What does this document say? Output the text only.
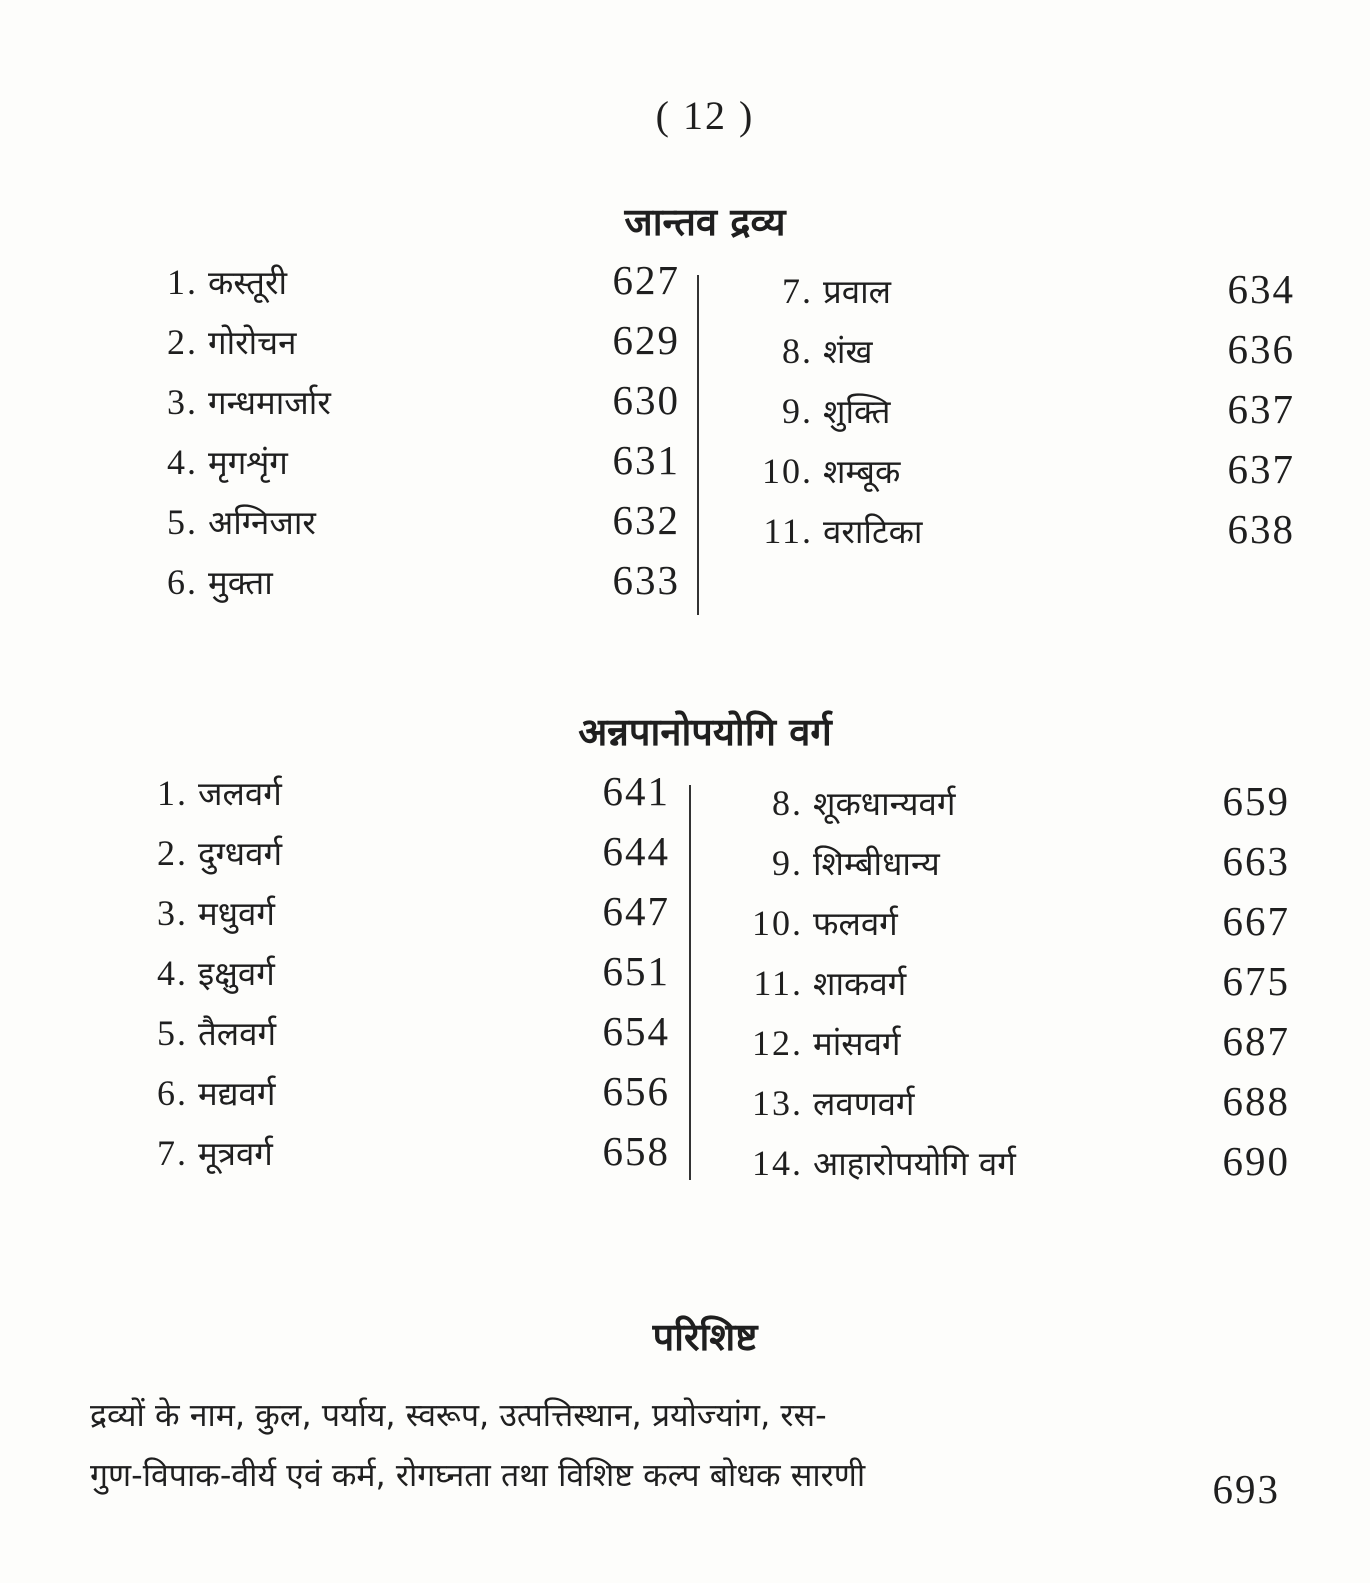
( 12 )
जान्तव द्रव्य
1. कस्तूरी	627
2. गोरोचन	629
3. गन्धमार्जार	630
4. मृगशृंग	631
5. अग्निजार	632
6. मुक्ता	633
7. प्रवाल	634
8. शंख	636
9. शुक्ति	637
10. शम्बूक	637
11. वराटिका	638
अन्नपानोपयोगि वर्ग
1. जलवर्ग	641
2. दुग्धवर्ग	644
3. मधुवर्ग	647
4. इक्षुवर्ग	651
5. तैलवर्ग	654
6. मद्यवर्ग	656
7. मूत्रवर्ग	658
8. शूकधान्यवर्ग	659
9. शिम्बीधान्य	663
10. फलवर्ग	667
11. शाकवर्ग	675
12. मांसवर्ग	687
13. लवणवर्ग	688
14. आहारोपयोगि वर्ग	690
परिशिष्ट
द्रव्यों के नाम, कुल, पर्याय, स्वरूप, उत्पत्तिस्थान, प्रयोज्यांग, रस-
गुण-विपाक-वीर्य एवं कर्म, रोगघ्नता तथा विशिष्ट कल्प बोधक सारणी	693
